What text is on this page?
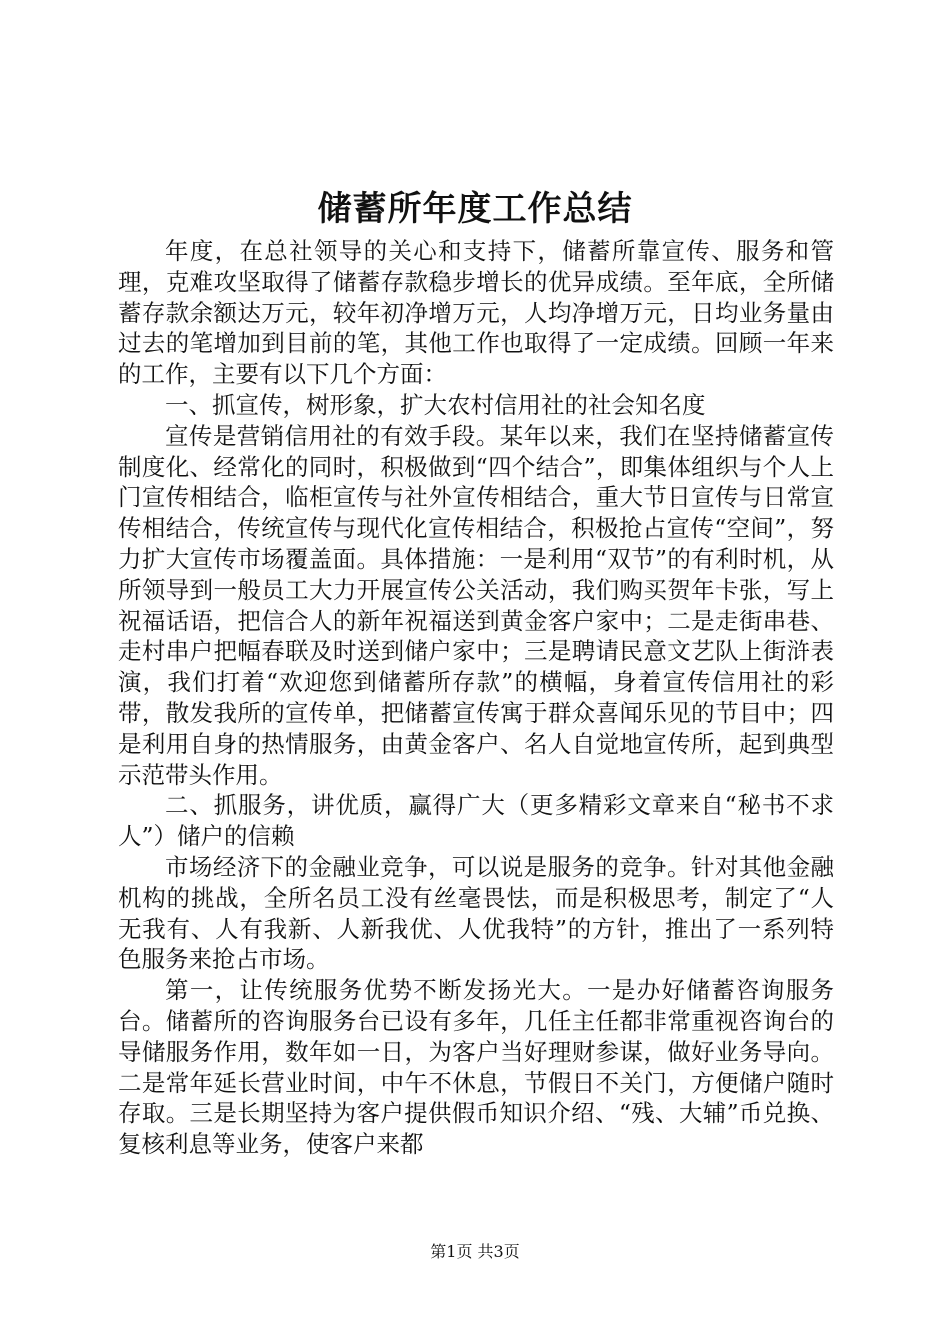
储蓄所年度工作总结

年度，在总社领导的关心和支持下，储蓄所靠宣传、服务和管理，克难攻坚取得了储蓄存款稳步增长的优异成绩。至年底，全所储蓄存款余额达万元，较年初净增万元，人均净增万元，日均业务量由过去的笔增加到目前的笔，其他工作也取得了一定成绩。回顾一年来的工作，主要有以下几个方面：

一、抓宣传，树形象，扩大农村信用社的社会知名度

宣传是营销信用社的有效手段。某年以来，我们在坚持储蓄宣传制度化、经常化的同时，积极做到“四个结合”，即集体组织与个人上门宣传相结合，临柜宣传与社外宣传相结合，重大节日宣传与日常宣传相结合，传统宣传与现代化宣传相结合，积极抢占宣传“空间”，努力扩大宣传市场覆盖面。具体措施：一是利用“双节”的有利时机，从所领导到一般员工大力开展宣传公关活动，我们购买贺年卡张，写上祝福话语，把信合人的新年祝福送到黄金客户家中；二是走街串巷、走村串户把幅春联及时送到储户家中；三是聘请民意文艺队上街浒表演，我们打着“欢迎您到储蓄所存款”的横幅，身着宣传信用社的彩带，散发我所的宣传单，把储蓄宣传寓于群众喜闻乐见的节目中；四是利用自身的热情服务，由黄金客户、名人自觉地宣传所，起到典型示范带头作用。

二、抓服务，讲优质，赢得广大（更多精彩文章来自“秘书不求人”）储户的信赖

市场经济下的金融业竞争，可以说是服务的竞争。针对其他金融机构的挑战，全所名员工没有丝毫畏怯，而是积极思考，制定了“人无我有、人有我新、人新我优、人优我特”的方针，推出了一系列特色服务来抢占市场。

第一，让传统服务优势不断发扬光大。一是办好储蓄咨询服务台。储蓄所的咨询服务台已设有多年，几任主任都非常重视咨询台的导储服务作用，数年如一日，为客户当好理财参谋，做好业务导向。二是常年延长营业时间，中午不休息，节假日不关门，方便储户随时存取。三是长期坚持为客户提供假币知识介绍、“残、大辅”币兑换、复核利息等业务，使客户来都

第1页 共3页
